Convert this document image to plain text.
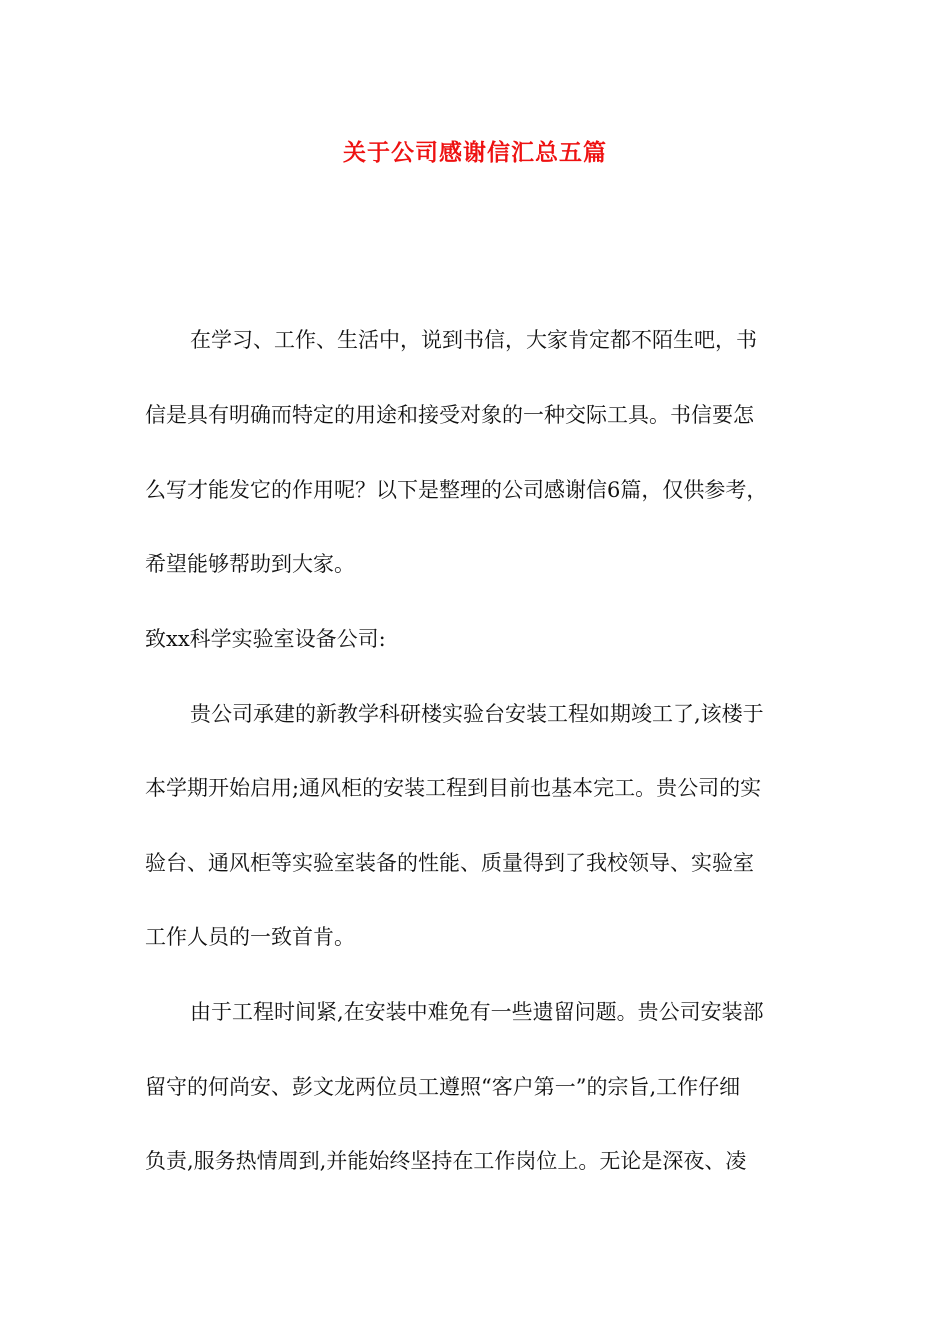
关于公司感谢信汇总五篇
在学习、工作、生活中，说到书信，大家肯定都不陌生吧，书
信是具有明确而特定的用途和接受对象的一种交际工具。书信要怎
么写才能发它的作用呢？以下是整理的公司感谢信6篇，仅供参考，
希望能够帮助到大家。
致xx科学实验室设备公司:
贵公司承建的新教学科研楼实验台安装工程如期竣工了,该楼于
本学期开始启用;通风柜的安装工程到目前也基本完工。贵公司的实
验台、通风柜等实验室装备的性能、质量得到了我校领导、实验室
工作人员的一致首肯。
由于工程时间紧,在安装中难免有一些遗留问题。贵公司安装部
留守的何尚安、彭文龙两位员工遵照“客户第一”的宗旨,工作仔细
负责,服务热情周到,并能始终坚持在工作岗位上。无论是深夜、凌
